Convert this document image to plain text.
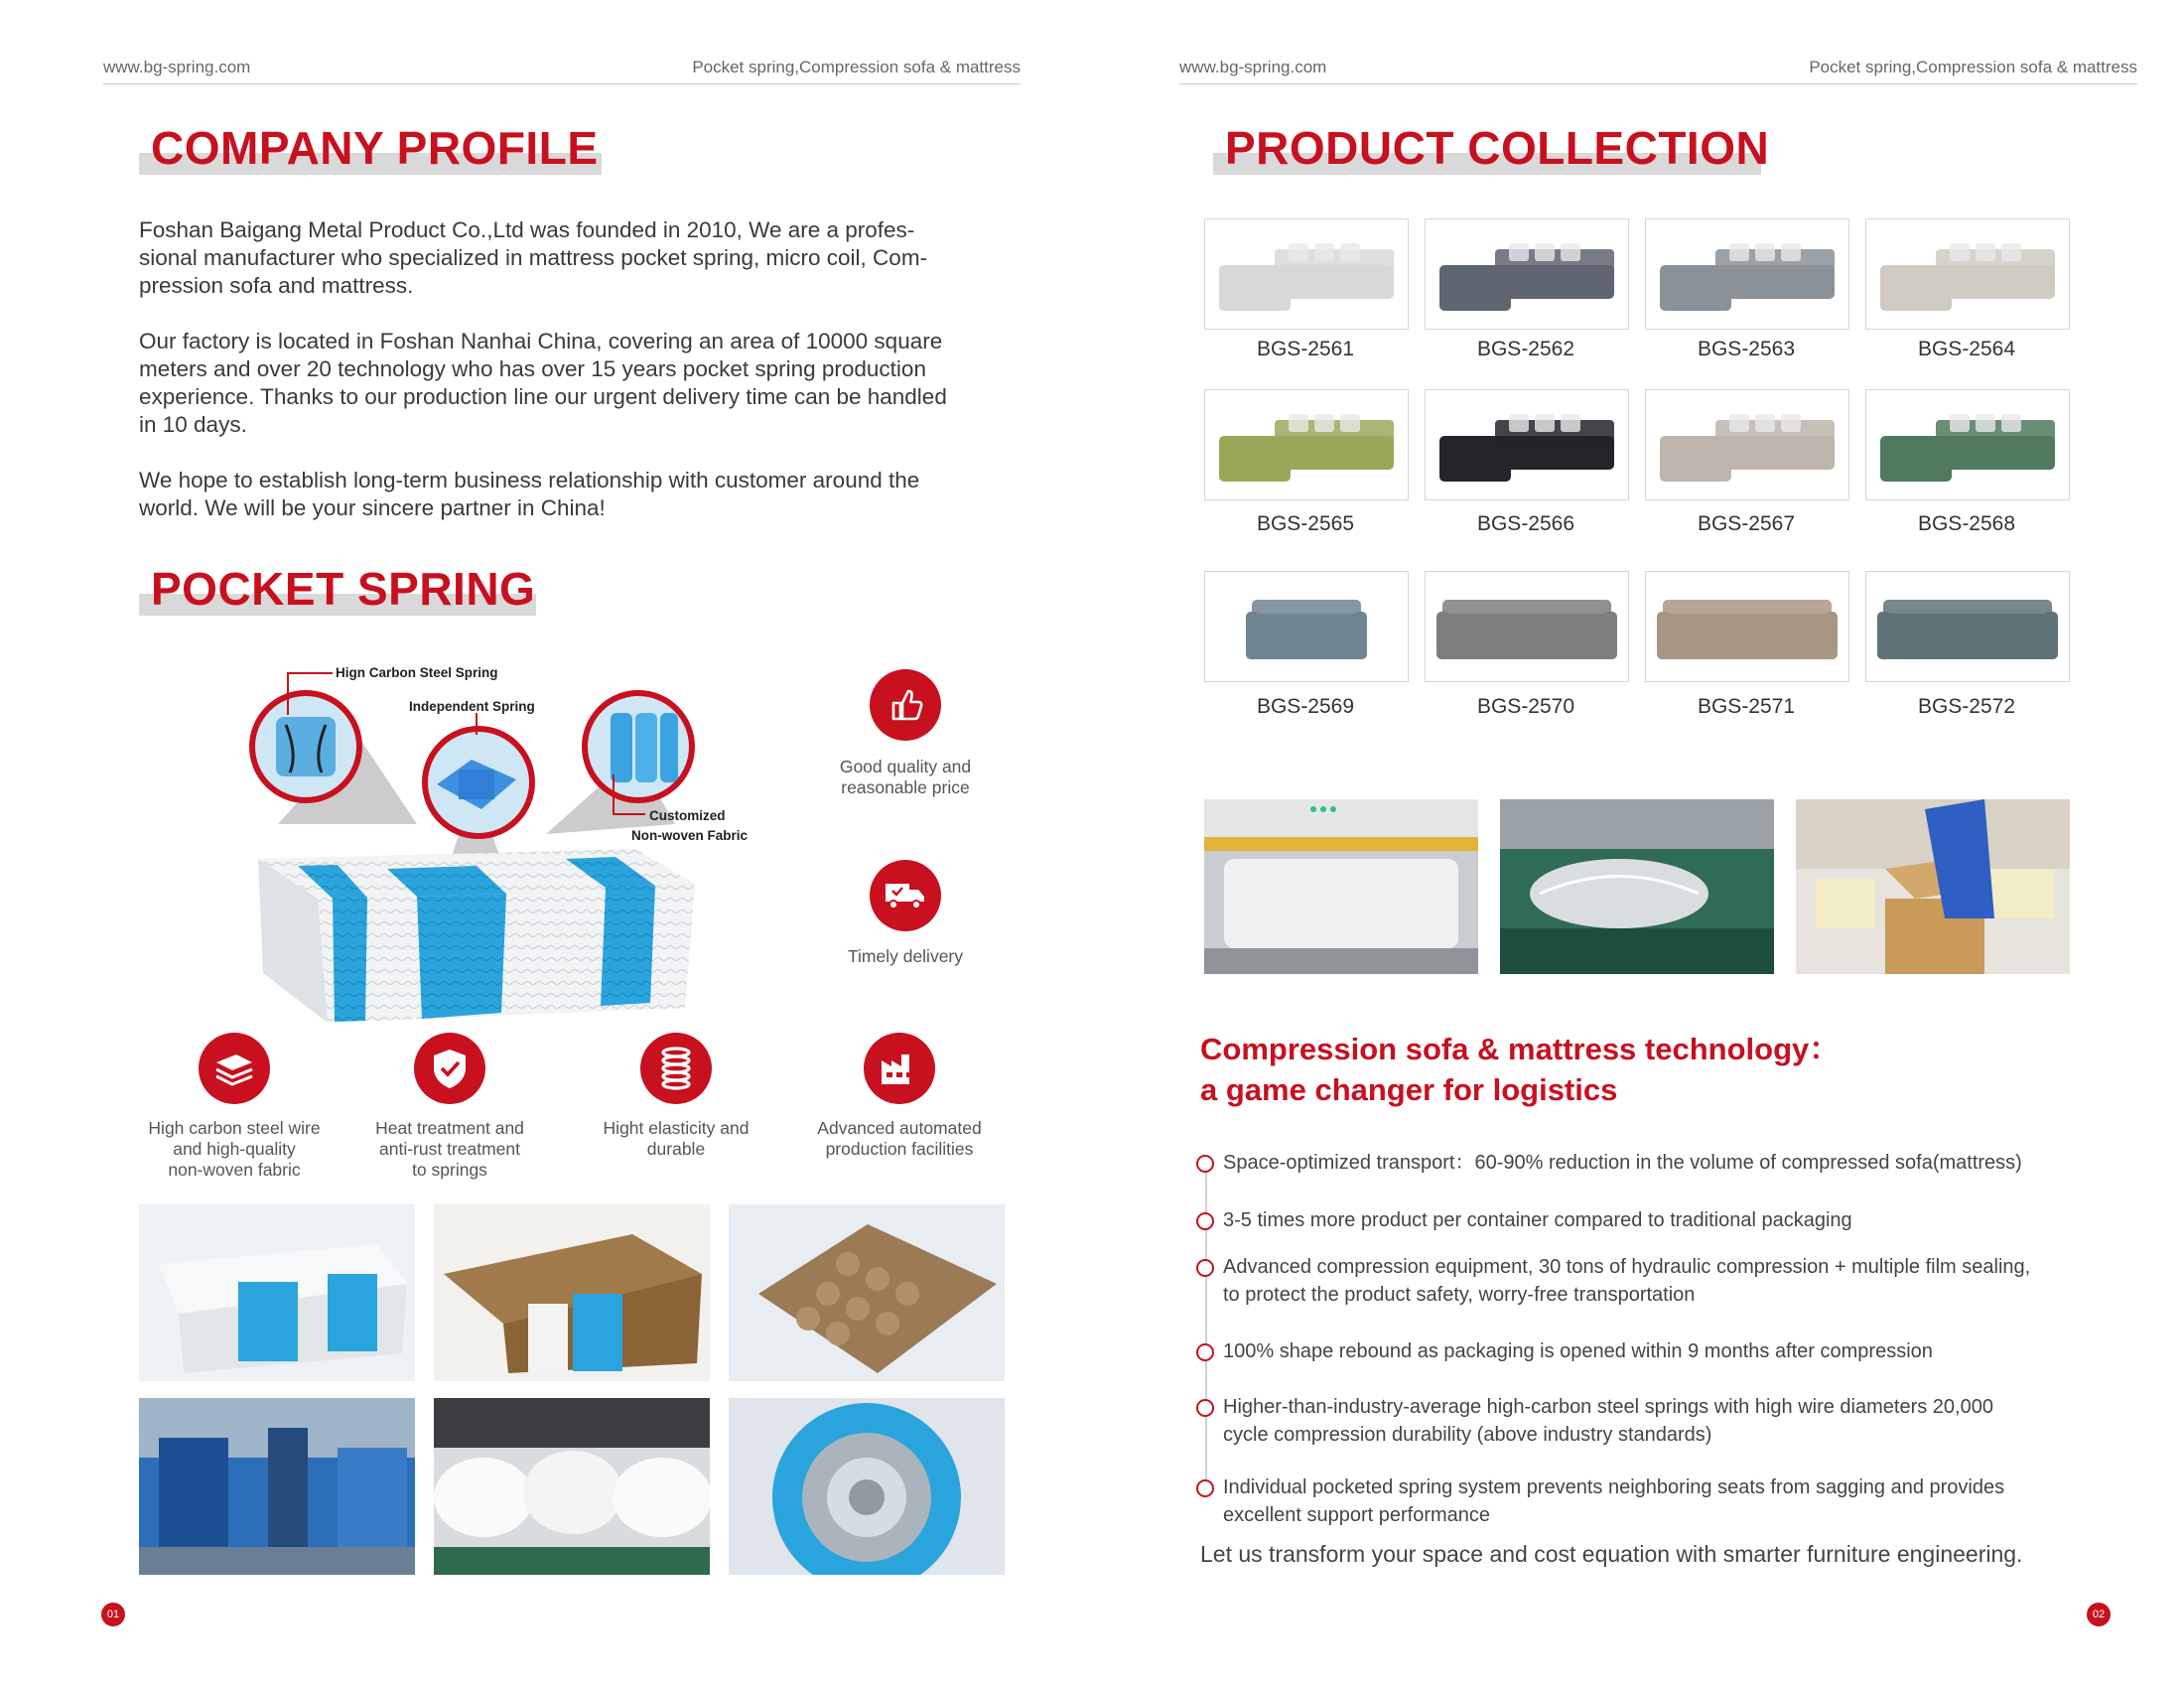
www.bg-spring.com	Pocket spring,Compression sofa & mattress
COMPANY PROFILE
Foshan Baigang Metal Product Co.,Ltd was founded in 2010, We are a profes-
sional manufacturer who specialized in mattress pocket spring, micro coil, Com-
pression sofa and mattress.
Our factory is located in Foshan Nanhai China, covering an area of 10000 square
meters and over 20 technology who has over 15 years pocket spring production
experience. Thanks to our production line our urgent delivery time can be handled
in 10 days.
We hope to establish long-term business relationship with customer around the
world. We will be your sincere partner in China!
POCKET SPRING
Hign Carbon Steel Spring
Independent Spring
Customized
Non-woven Fabric
Good quality and
reasonable price
Timely delivery
High carbon steel wire
and high-quality
non-woven fabric
Heat treatment and
anti-rust treatment
to springs
Hight elasticity and
durable
Advanced automated
production facilities
01
www.bg-spring.com	Pocket spring,Compression sofa & mattress
PRODUCT COLLECTION
BGS-2561	BGS-2562	BGS-2563	BGS-2564
BGS-2565	BGS-2566	BGS-2567	BGS-2568
BGS-2569	BGS-2570	BGS-2571	BGS-2572
Compression sofa & mattress technology：
a game changer for logistics
Space-optimized transport：60-90% reduction in the volume of compressed sofa(mattress)
3-5 times more product per container compared to traditional packaging
Advanced compression equipment, 30 tons of hydraulic compression + multiple film sealing,
to protect the product safety, worry-free transportation
100% shape rebound as packaging is opened within 9 months after compression
Higher-than-industry-average high-carbon steel springs with high wire diameters 20,000
cycle compression durability (above industry standards)
Individual pocketed spring system prevents neighboring seats from sagging and provides
excellent support performance
Let us transform your space and cost equation with smarter furniture engineering.
02
